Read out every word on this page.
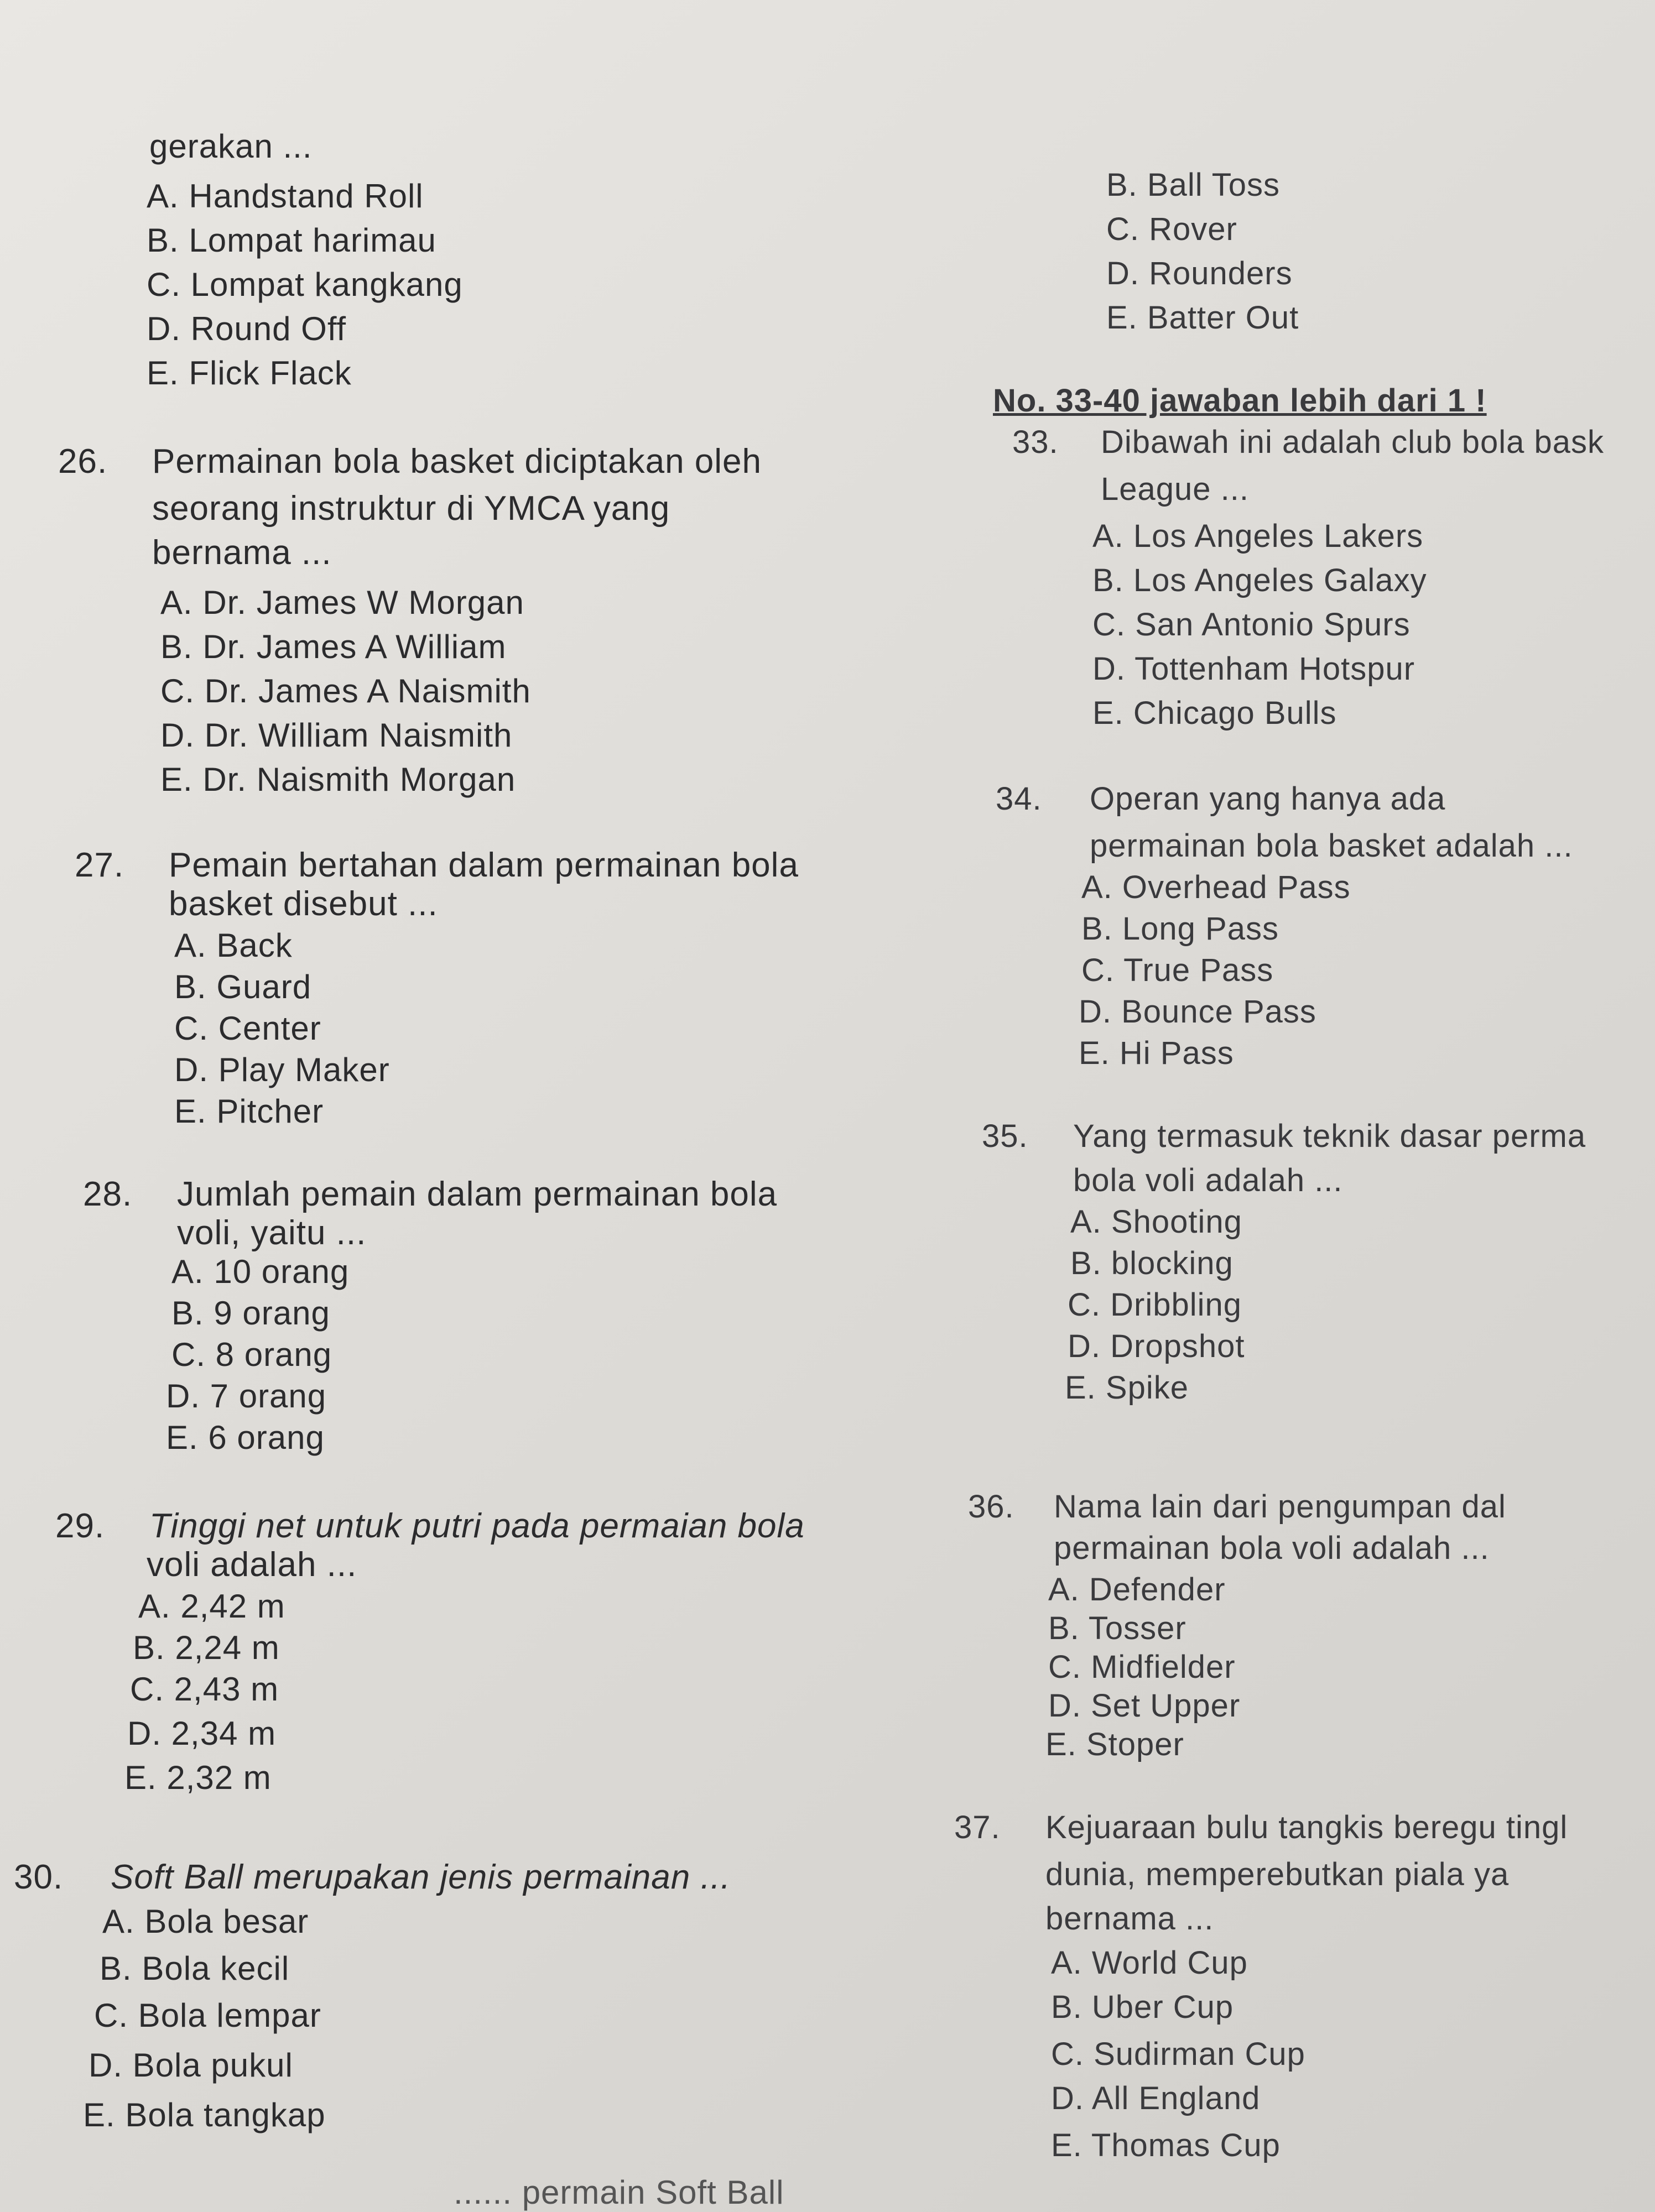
gerakan ...
A. Handstand Roll
B. Lompat harimau
C. Lompat kangkang
D. Round Off
E. Flick Flack
26. Permainan bola basket diciptakan oleh
seorang instruktur di YMCA yang
bernama ...
A. Dr. James W Morgan
B. Dr. James A William
C. Dr. James A Naismith
D. Dr. William Naismith
E. Dr. Naismith Morgan
27. Pemain bertahan dalam permainan bola
basket disebut ...
A. Back
B. Guard
C. Center
D. Play Maker
E. Pitcher
28. Jumlah pemain dalam permainan bola
voli, yaitu ...
A. 10 orang
B. 9 orang
C. 8 orang
D. 7 orang
E. 6 orang
29. Tinggi net untuk putri pada permaian bola
voli adalah ...
A. 2,42 m
B. 2,24 m
C. 2,43 m
D. 2,34 m
E. 2,32 m
30. Soft Ball merupakan jenis permainan ...
A. Bola besar
B. Bola kecil
C. Bola lempar
D. Bola pukul
E. Bola tangkap
...... permain Soft Ball
B. Ball Toss
C. Rover
D. Rounders
E. Batter Out
No. 33-40 jawaban lebih dari 1 !
33. Dibawah ini adalah club bola bask
League ...
A. Los Angeles Lakers
B. Los Angeles Galaxy
C. San Antonio Spurs
D. Tottenham Hotspur
E. Chicago Bulls
34. Operan yang hanya ada
permainan bola basket adalah ...
A. Overhead Pass
B. Long Pass
C. True Pass
D. Bounce Pass
E. Hi Pass
35. Yang termasuk teknik dasar perma
bola voli adalah ...
A. Shooting
B. blocking
C. Dribbling
D. Dropshot
E. Spike
36. Nama lain dari pengumpan dal
permainan bola voli adalah ...
A. Defender
B. Tosser
C. Midfielder
D. Set Upper
E. Stoper
37. Kejuaraan bulu tangkis beregu tingl
dunia, memperebutkan piala ya
bernama ...
A. World Cup
B. Uber Cup
C. Sudirman Cup
D. All England
E. Thomas Cup
